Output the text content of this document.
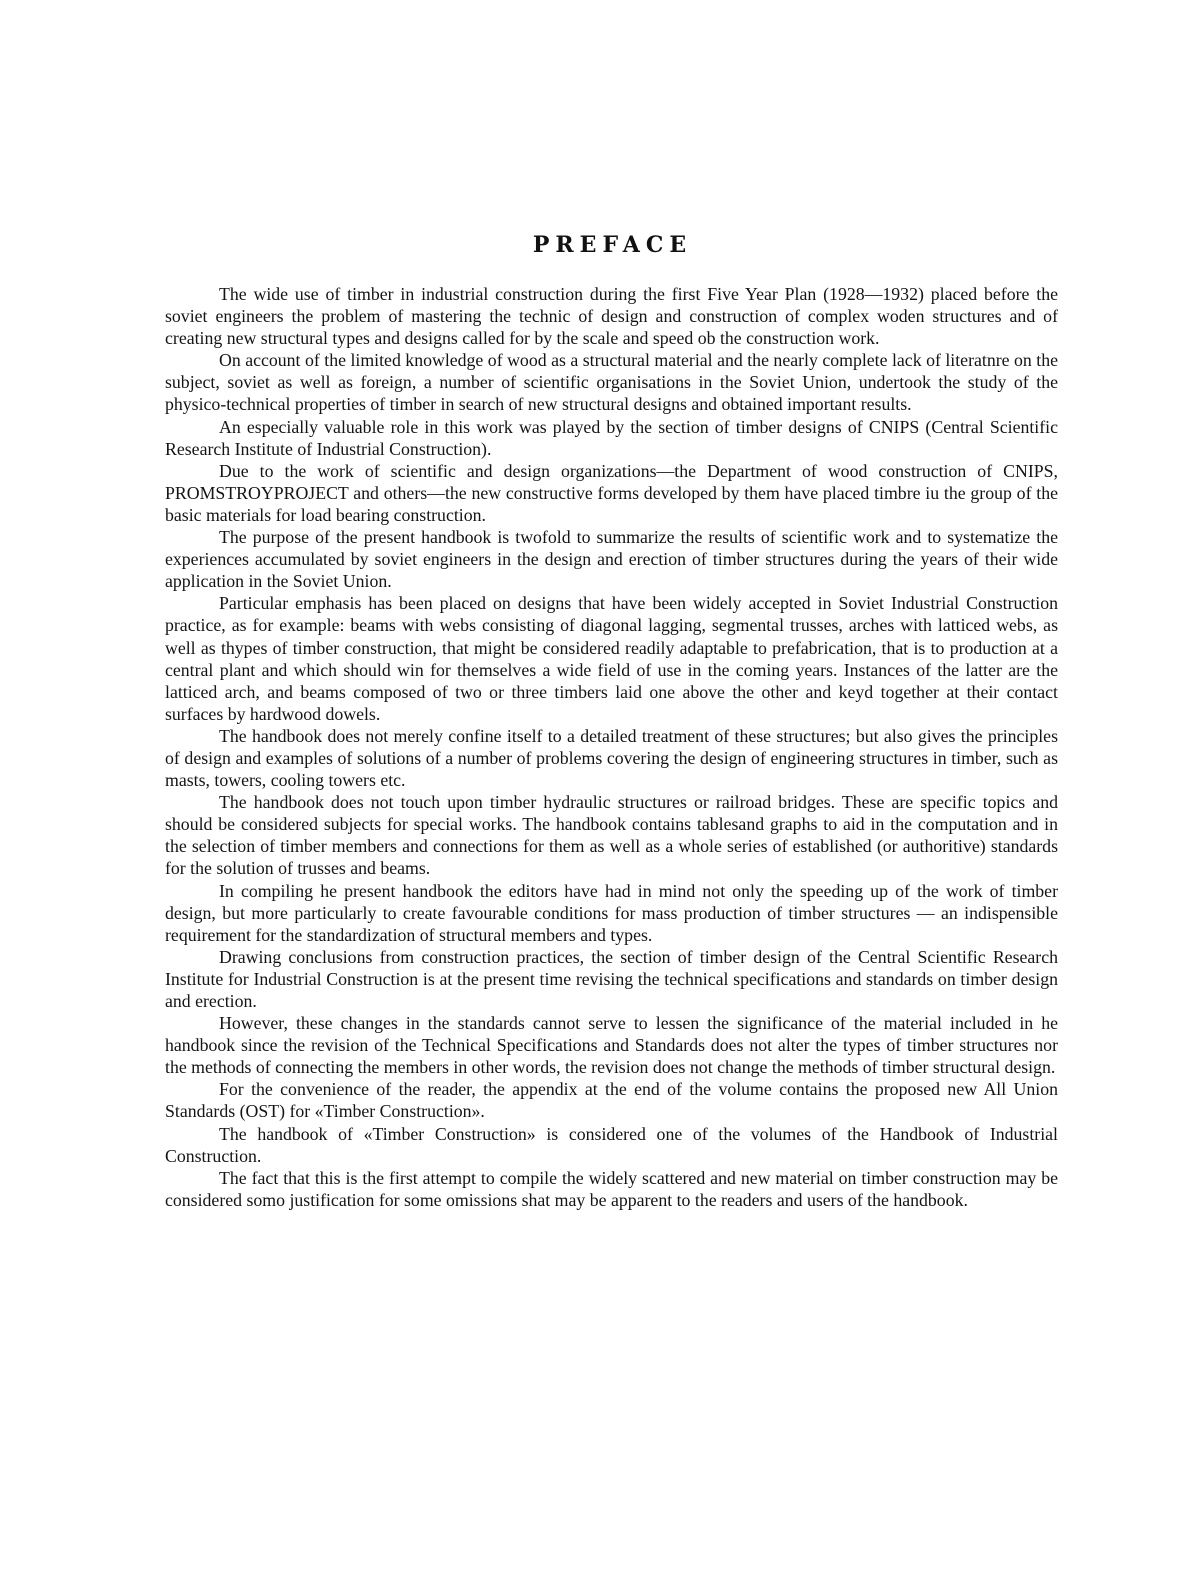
PREFACE

The wide use of timber in industrial construction during the first Five Year Plan (1928—1932) placed before the soviet engineers the problem of mastering the technic of design and construction of complex woden structures and of creating new structural types and designs called for by the scale and speed ob the construction work.

On account of the limited knowledge of wood as a structural material and the nearly complete lack of literatnre on the subject, soviet as well as foreign, a number of scientific organisations in the Soviet Union, undertook the study of the physico-technical properties of timber in search of new structural designs and obtained important results.

An especially valuable role in this work was played by the section of timber designs of CNIPS (Central Scientific Research Institute of Industrial Construction).

Due to the work of scientific and design organizations—the Department of wood construction of CNIPS, PROMSTROYPROJECT and others—the new constructive forms developed by them have placed timbre iu the group of the basic materials for load bearing construction.

The purpose of the present handbook is twofold to summarize the results of scientific work and to systematize the experiences accumulated by soviet engineers in the design and erection of timber structures during the years of their wide application in the Soviet Union.

Particular emphasis has been placed on designs that have been widely accepted in Soviet Industrial Construction practice, as for example: beams with webs consisting of diagonal lagging, segmental trusses, arches with latticed webs, as well as thypes of timber construction, that might be considered readily adaptable to prefabrication, that is to production at a central plant and which should win for themselves a wide field of use in the coming years. Instances of the latter are the latticed arch, and beams composed of two or three timbers laid one above the other and keyd together at their contact surfaces by hardwood dowels.

The handbook does not merely confine itself to a detailed treatment of these structures; but also gives the principles of design and examples of solutions of a number of problems covering the design of engineering structures in timber, such as masts, towers, cooling towers etc.

The handbook does not touch upon timber hydraulic structures or railroad bridges. These are specific topics and should be considered subjects for special works. The handbook contains tablesand graphs to aid in the computation and in the selection of timber members and connections for them as well as a whole series of established (or authoritive) standards for the solution of trusses and beams.

In compiling he present handbook the editors have had in mind not only the speeding up of the work of timber design, but more particularly to create favourable conditions for mass production of timber structures — an indispensible requirement for the standardization of structural members and types.

Drawing conclusions from construction practices, the section of timber design of the Central Scientific Research Institute for Industrial Construction is at the present time revising the technical specifications and standards on timber design and erection.

However, these changes in the standards cannot serve to lessen the significance of the material included in he handbook since the revision of the Technical Specifications and Standards does not alter the types of timber structures nor the methods of connecting the members in other words, the revision does not change the methods of timber structural design.

For the convenience of the reader, the appendix at the end of the volume contains the proposed new All Union Standards (OST) for «Timber Construction».

The handbook of «Timber Construction» is considered one of the volumes of the Handbook of Industrial Construction.

The fact that this is the first attempt to compile the widely scattered and new material on timber construction may be considered somo justification for some omissions shat may be apparent to the readers and users of the handbook.
